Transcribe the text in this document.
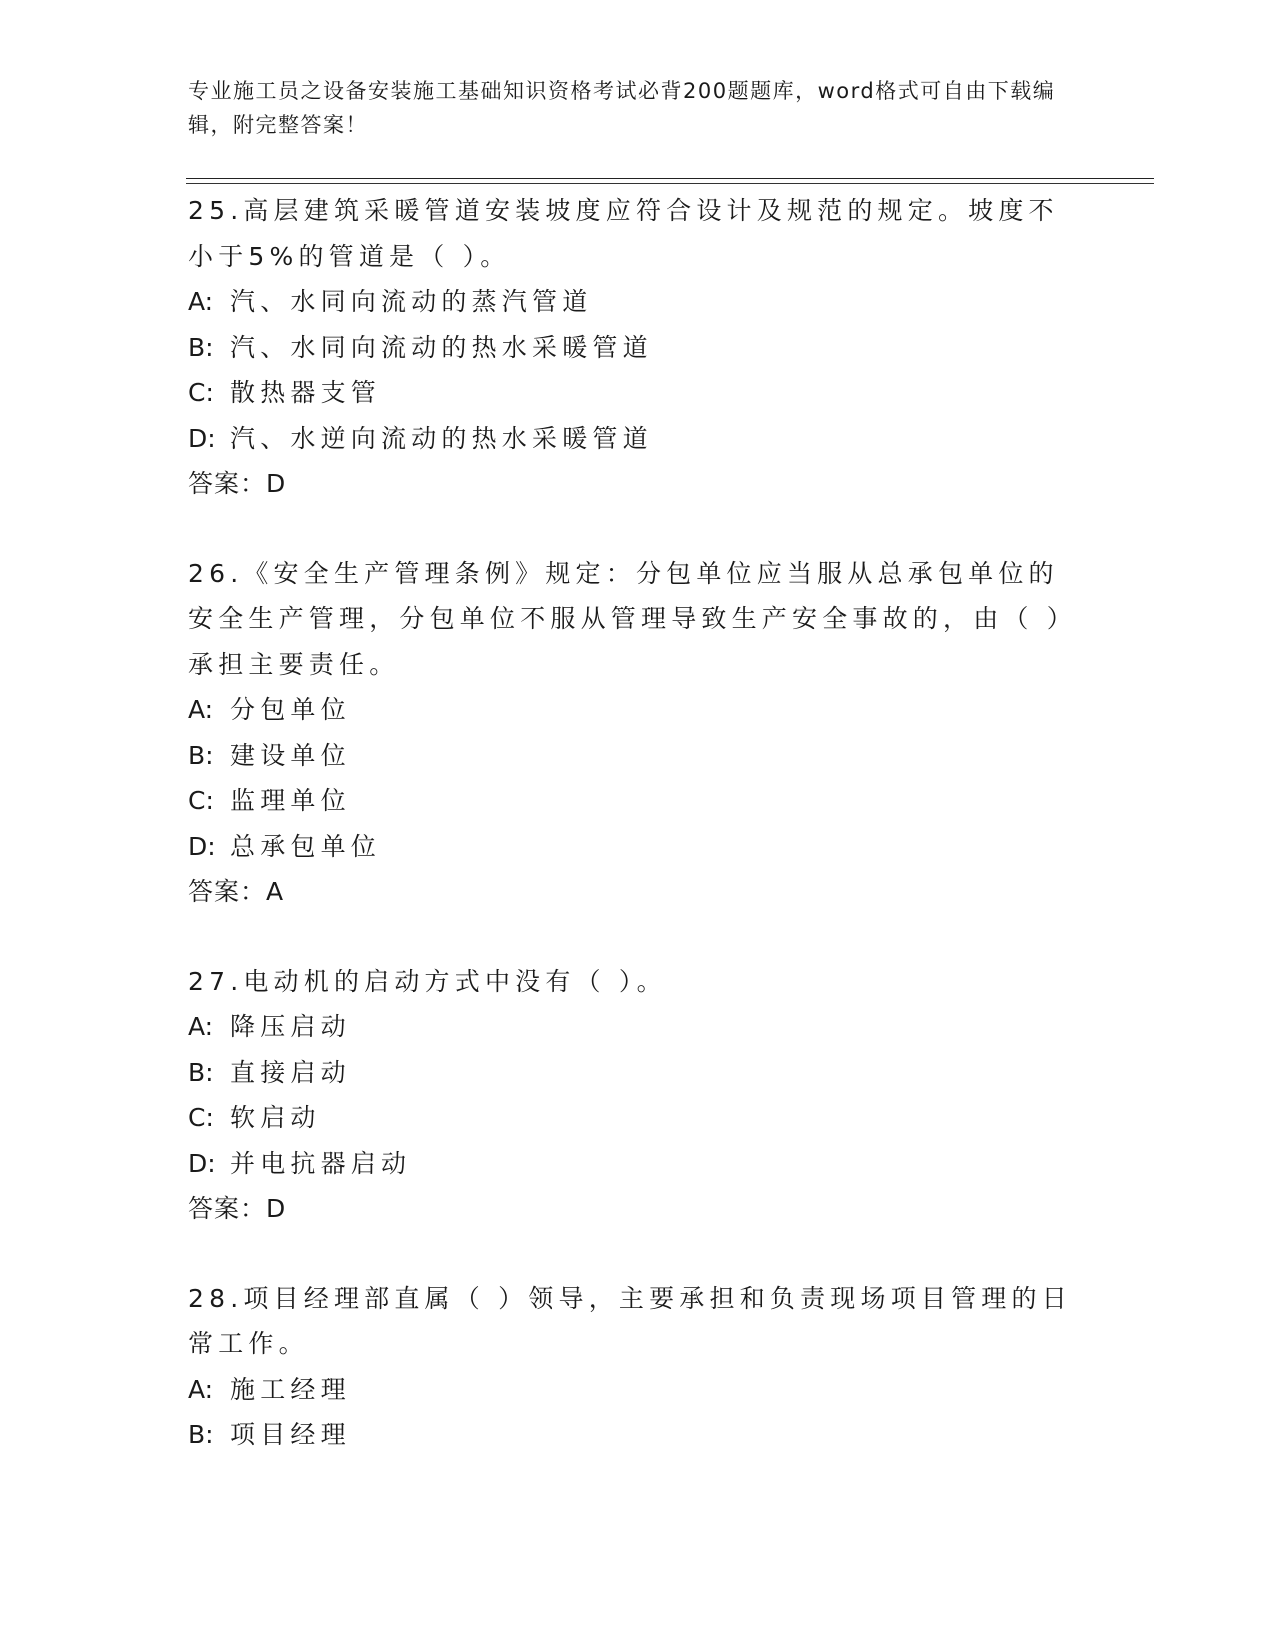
专业施工员之设备安装施工基础知识资格考试必背200题题库，word格式可自由下载编辑，附完整答案！
25.高层建筑采暖管道安装坡度应符合设计及规范的规定。坡度不小于5%的管道是（ ）。
A: 汽、水同向流动的蒸汽管道
B: 汽、水同向流动的热水采暖管道
C: 散热器支管
D: 汽、水逆向流动的热水采暖管道
答案：D
26.《安全生产管理条例》规定：分包单位应当服从总承包单位的安全生产管理，分包单位不服从管理导致生产安全事故的，由（ ）承担主要责任。
A: 分包单位
B: 建设单位
C: 监理单位
D: 总承包单位
答案：A
27.电动机的启动方式中没有（ ）。
A: 降压启动
B: 直接启动
C: 软启动
D: 并电抗器启动
答案：D
28.项目经理部直属（ ）领导，主要承担和负责现场项目管理的日常工作。
A: 施工经理
B: 项目经理
